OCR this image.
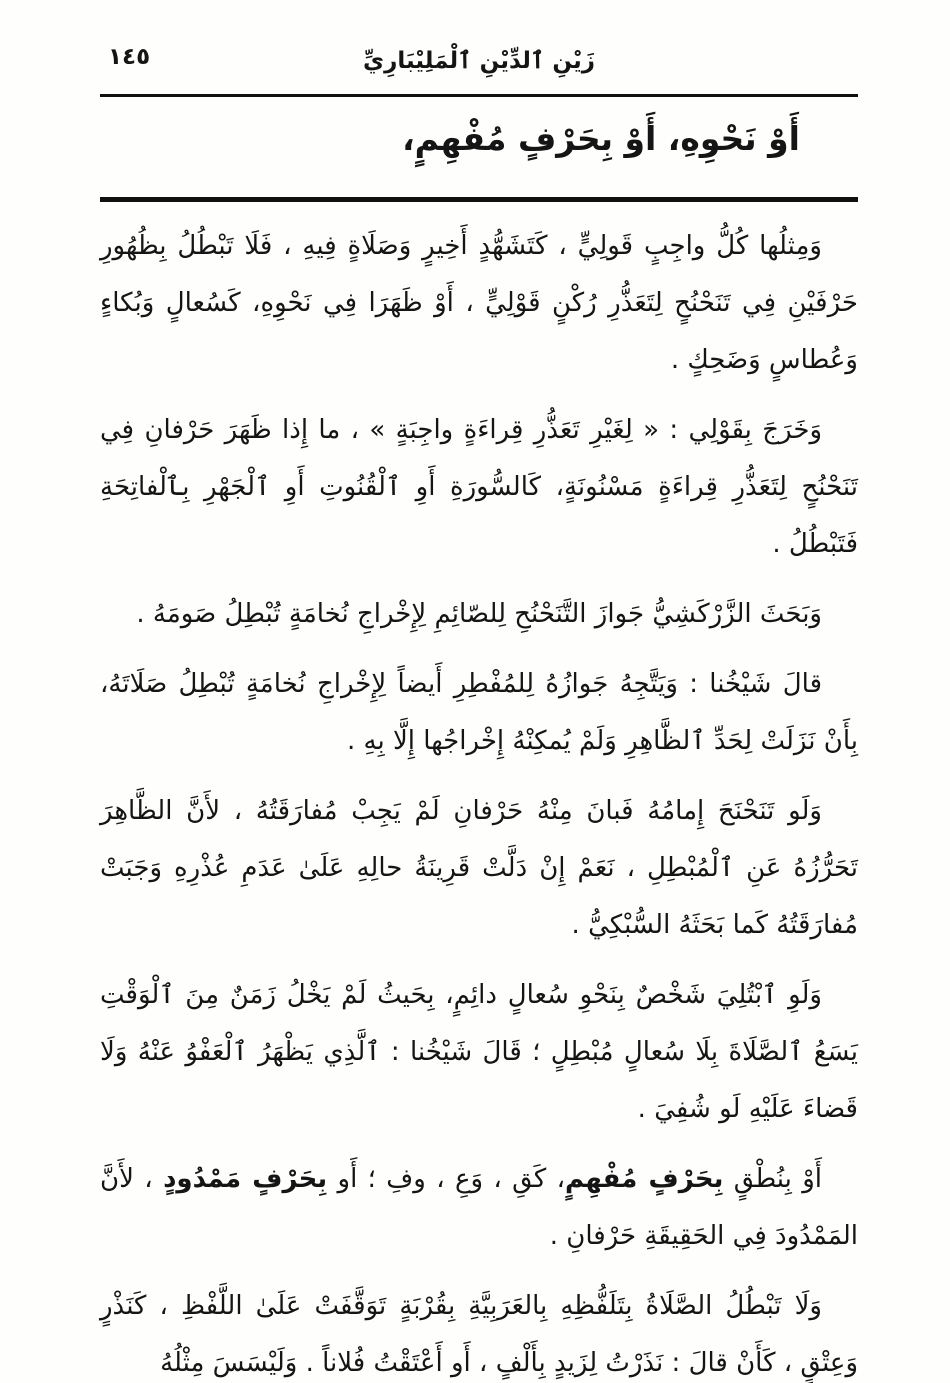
١٤٥	زَيْنِ ٱلدِّيْنِ ٱلْمَلِيْبَارِيِّ
أَوْ نَحْوِهِ، أَوْ بِحَرْفٍ مُفْهِمٍ،

وَمِثلُها كُلُّ واجِبٍ قَولِيٍّ ، كَتَشَهُّدٍ أَخِيرٍ وَصَلَاةٍ فِيهِ ، فَلَا تَبْطُلُ بِظُهُورِ حَرْفَيْنِ فِي تَنَحْنُحٍ لِتَعَذُّرِ رُكْنٍ قَوْلِيٍّ ، أَوْ ظَهَرَا فِي نَحْوِهِ، كَسُعالٍ وَبُكاءٍ وَعُطاسٍ وَضَحِكٍ .

وَخَرَجَ بِقَوْلِي : « لِغَيْرِ تَعَذُّرِ قِراءَةٍ واجِبَةٍ » ، ما إِذا ظَهَرَ حَرْفانِ فِي تَنَحْنُحٍ لِتَعَذُّرِ قِراءَةٍ مَسْنُونَةٍ، كَالسُّورَةِ أَوِ ٱلْقُنُوتِ أَوِ ٱلْجَهْرِ بِٱلْفاتِحَةِ فَتَبْطُلُ .

وَبَحَثَ الزَّرْكَشِيُّ جَوازَ التَّنَحْنُحِ لِلصّائِمِ لِإِخْراجِ نُخامَةٍ تُبْطِلُ صَومَهُ .

قالَ شَيْخُنا : وَيَتَّجِهُ جَوازُهُ لِلمُفْطِرِ أَيضاً لِإِخْراجِ نُخامَةٍ تُبْطِلُ صَلَاتَهُ، بِأَنْ نَزَلَتْ لِحَدِّ ٱلظَّاهِرِ وَلَمْ يُمكِنْهُ إِخْراجُها إِلَّا بِهِ .

وَلَو تَنَحْنَحَ إِمامُهُ فَبانَ مِنْهُ حَرْفانِ لَمْ يَجِبْ مُفارَقَتُهُ ، لأَنَّ الظَّاهِرَ تَحَرُّزُهُ عَنِ ٱلْمُبْطِلِ ، نَعَمْ إِنْ دَلَّتْ قَرِينَةُ حالِهِ عَلَىٰ عَدَمِ عُذْرِهِ وَجَبَتْ مُفارَقَتُهُ كَما بَحَثَهُ السُّبْكِيُّ .

وَلَوِ ٱبْتُلِيَ شَخْصٌ بِنَحْوِ سُعالٍ دائِمٍ، بِحَيثُ لَمْ يَخْلُ زَمَنٌ مِنَ ٱلْوَقْتِ يَسَعُ ٱلصَّلَاةَ بِلَا سُعالٍ مُبْطِلٍ ؛ قَالَ شَيْخُنا : ٱلَّذِي يَظْهَرُ ٱلْعَفْوُ عَنْهُ وَلَا قَضاءَ عَلَيْهِ لَو شُفِيَ .

أَوْ بِنُطْقٍ بِحَرْفٍ مُفْهِمٍ، كَقِ ، وَعِ ، وفِ ؛ أَو بِحَرْفٍ مَمْدُودٍ ، لأَنَّ المَمْدُودَ فِي الحَقِيقَةِ حَرْفانِ .

وَلَا تَبْطُلُ الصَّلَاةُ بِتَلَفُّظِهِ بِالعَرَبِيَّةِ بِقُرْبَةٍ تَوَقَّفَتْ عَلَىٰ اللَّفْظِ ، كَنَذْرٍ وَعِتْقٍ ، كَأَنْ قالَ : نَذَرْتُ لِزَيدٍ بِأَلْفٍ ، أَو أَعْتَقْتُ فُلاناً . وَلَيْسَسَ مِثْلُهُ
